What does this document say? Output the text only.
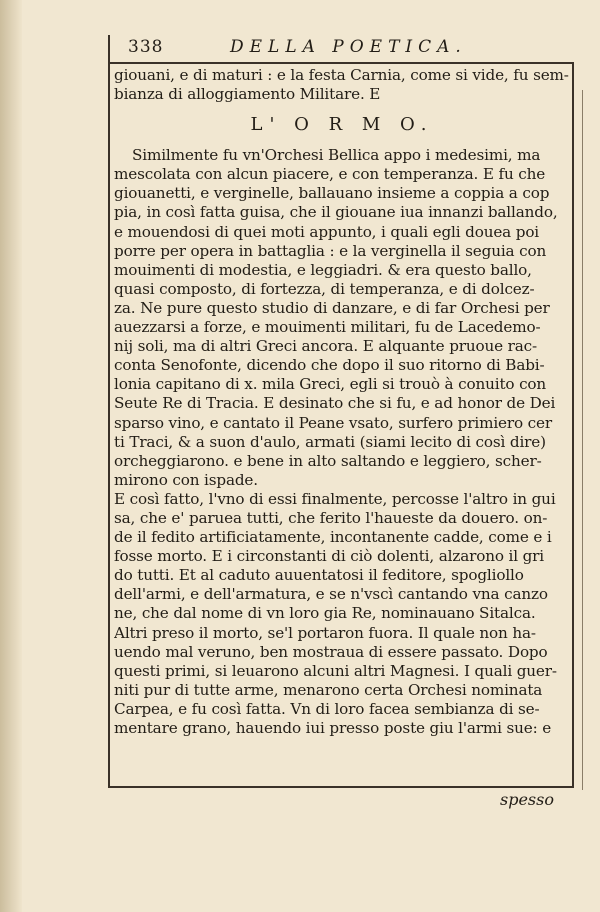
338	DELLA POETICA.
giouani, e di maturi : e la festa Carnia, come si vide, fu sem-
bianza di alloggiamento Militare. E
L' O R M O.
Similmente fu vn'Orchesi Bellica appo i medesimi, ma
mescolata con alcun piacere, e con temperanza. E fu che
giouanetti, e verginelle, ballauano insieme a coppia a cop
pia, in così fatta guisa, che il giouane iua innanzi ballando,
e mouendosi di quei moti appunto, i quali egli douea poi
porre per opera in battaglia : e la verginella il seguia con
mouimenti di modestia, e leggiadri. & era questo ballo,
quasi composto, di fortezza, di temperanza, e di dolcez-
za. Ne pure questo studio di danzare, e di far Orchesi per
auezzarsi a forze, e mouimenti militari, fu de Lacedemo-
nij soli, ma di altri Greci ancora. E alquante pruoue rac-
conta Senofonte, dicendo che dopo il suo ritorno di Babi-
lonia capitano di x. mila Greci, egli si trouò à conuito con
Seute Re di Tracia. E desinato che si fu, e ad honor de Dei
sparso vino, e cantato il Peane vsato, surfero primiero cer
ti Traci, & a suon d'aulo, armati (siami lecito di così dire)
orcheggiarono. e bene in alto saltando e leggiero, scher-
mirono con ispade.
E così fatto, l'vno di essi finalmente, percosse l'altro in gui
sa, che e' paruea tutti, che ferito l'haueste da douero. on-
de il fedito artificiatamente, incontanente cadde, come e i
fosse morto. E i circonstanti di ciò dolenti, alzarono il gri
do tutti. Et al caduto auuentatosi il feditore, spogliollo
dell'armi, e dell'armatura, e se n'vscì cantando vna canzo
ne, che dal nome di vn loro gia Re, nominauano Sitalca.
Altri preso il morto, se'l portaron fuora. Il quale non ha-
uendo mal veruno, ben mostraua di essere passato. Dopo
questi primi, si leuarono alcuni altri Magnesi. I quali guer-
niti pur di tutte arme, menarono certa Orchesi nominata
Carpea, e fu così fatta. Vn di loro facea sembianza di se-
mentare grano, hauendo iui presso poste giu l'armi sue: e
spesso
